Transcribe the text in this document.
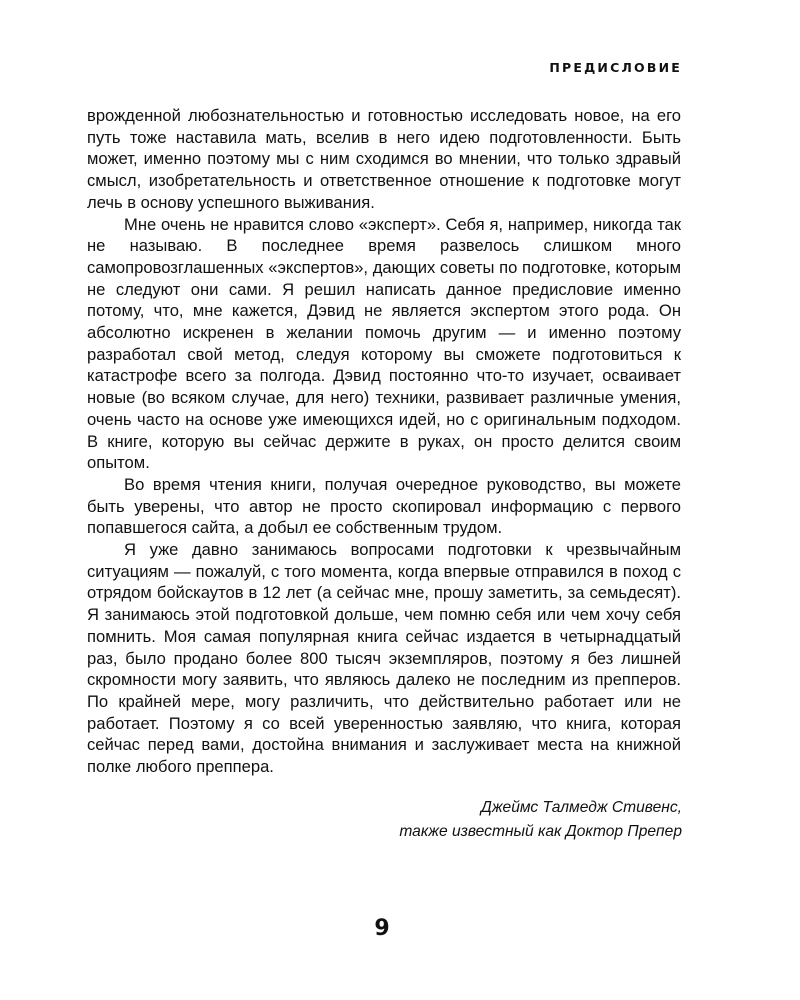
ПРЕДИСЛОВИЕ

врожденной любознательностью и готовностью исследовать новое, на его путь тоже наставила мать, вселив в него идею подготовленности. Быть может, именно поэтому мы с ним сходимся во мнении, что только здравый смысл, изобретательность и ответственное отношение к подготовке могут лечь в основу успешного выживания.

Мне очень не нравится слово «эксперт». Себя я, например, никогда так не называю. В последнее время развелось слишком много самопровозглашенных «экспертов», дающих советы по подготовке, которым не следуют они сами. Я решил написать данное предисловие именно потому, что, мне кажется, Дэвид не является экспертом этого рода. Он абсолютно искренен в желании помочь другим — и именно поэтому разработал свой метод, следуя которому вы сможете подготовиться к катастрофе всего за полгода. Дэвид постоянно что-то изучает, осваивает новые (во всяком случае, для него) техники, развивает различные умения, очень часто на основе уже имеющихся идей, но с оригинальным подходом. В книге, которую вы сейчас держите в руках, он просто делится своим опытом.

Во время чтения книги, получая очередное руководство, вы можете быть уверены, что автор не просто скопировал информацию с первого попавшегося сайта, а добыл ее собственным трудом.

Я уже давно занимаюсь вопросами подготовки к чрезвычайным ситуациям — пожалуй, с того момента, когда впервые отправился в поход с отрядом бойскаутов в 12 лет (а сейчас мне, прошу заметить, за семьдесят). Я занимаюсь этой подготовкой дольше, чем помню себя или чем хочу себя помнить. Моя самая популярная книга сейчас издается в четырнадцатый раз, было продано более 800 тысяч экземпляров, поэтому я без лишней скромности могу заявить, что являюсь далеко не последним из препперов. По крайней мере, могу различить, что действительно работает или не работает. Поэтому я со всей уверенностью заявляю, что книга, которая сейчас перед вами, достойна внимания и заслуживает места на книжной полке любого преппера.

Джеймс Талмедж Стивенс,
также известный как Доктор Препер
9
